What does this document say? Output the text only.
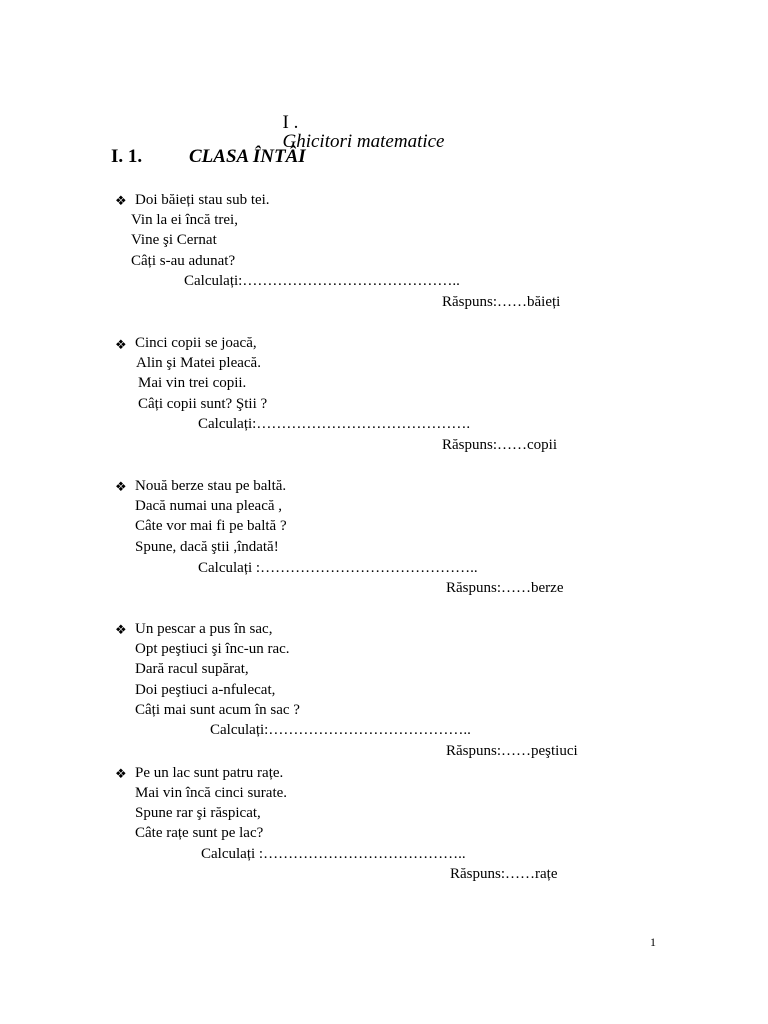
I .
Ghicitori matematice

I. 1. CLASA ÎNTÂI
❖ Doi băieți stau sub tei.
Vin la ei încă trei,
Vine şi Cernat
Câți s-au adunat?
Calculați:……………………………………..
Răspuns:……băieți
❖ Cinci copii se joacă,
Alin şi Matei pleacă.
Mai vin trei copii.
Câți copii sunt? Ştii ?
Calculați:…………………………………….
Răspuns:……copii
❖ Nouă berze stau pe baltă.
Dacă numai una pleacă ,
Câte vor mai fi pe baltă ?
Spune, dacă ştii ,îndată!
Calculați :……………………………………..
Răspuns:……berze
❖ Un pescar a pus în sac,
Opt peştiuci şi înc-un rac.
Dară racul supărat,
Doi peştiuci a-nfulecat,
Câți mai sunt acum în sac ?
Calculați:…………………………………..
Răspuns:……peştiuci
❖ Pe un lac sunt patru rațe.
Mai vin încă cinci surate.
Spune rar şi răspicat,
Câte rațe sunt pe lac?
Calculați :…………………………………..
Răspuns:……rațe
1
